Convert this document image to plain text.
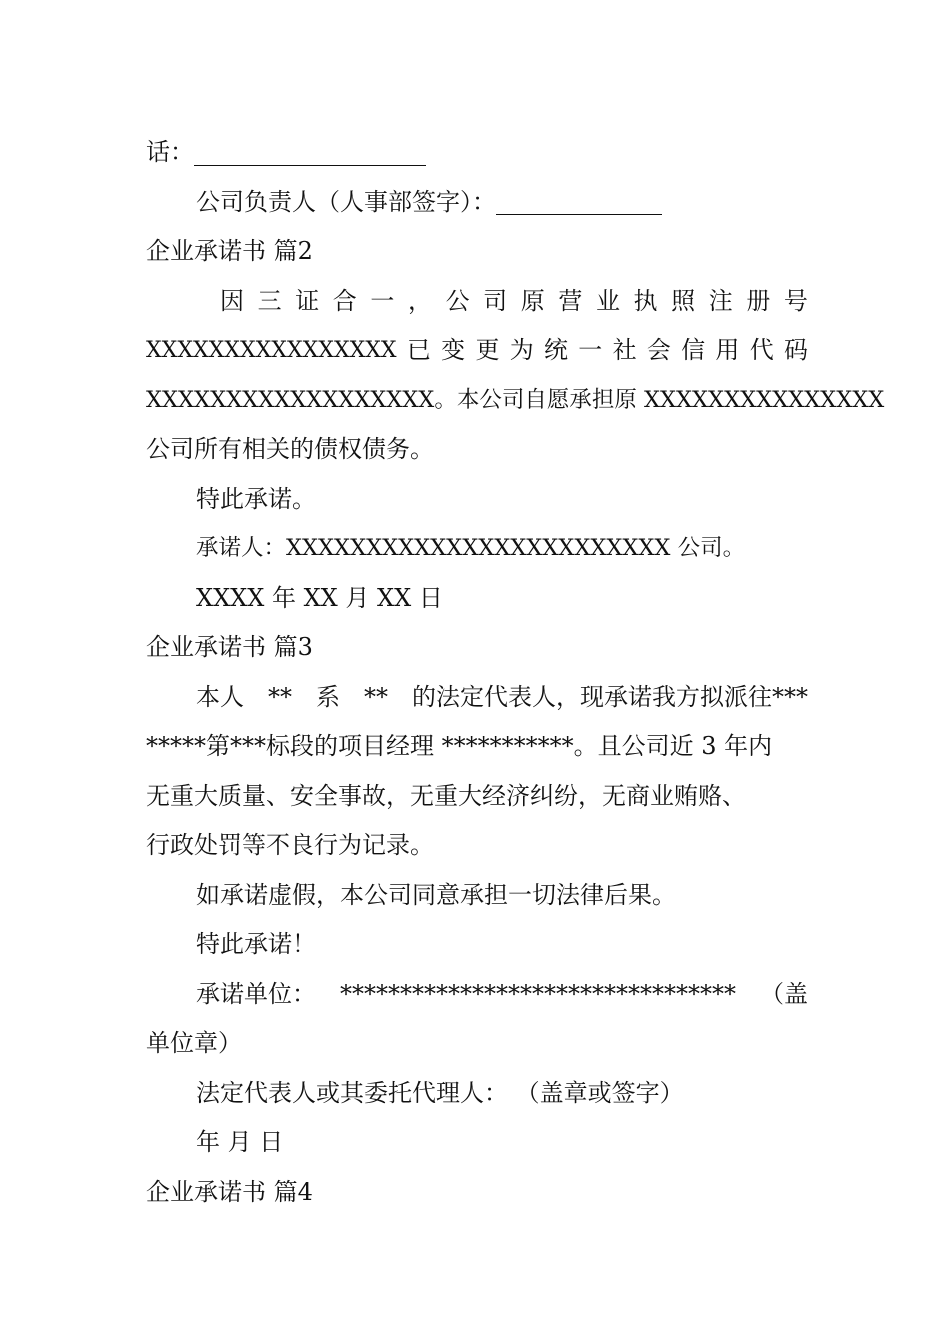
话：
公司负责人（人事部签字）：
企业承诺书 篇2
因 三 证 合 一 ， 公 司 原 营 业 执 照 注 册 号
XXXXXXXXXXXXXXXX 已 变 更 为 统 一 社 会 信 用 代 码
XXXXXXXXXXXXXXXXXX。本公司自愿承担原 XXXXXXXXXXXXXXX
公司所有相关的债权债务。
特此承诺。
承诺人：XXXXXXXXXXXXXXXXXXXXXXXX 公司。
XXXX 年 XX 月 XX 日
企业承诺书 篇3
本人 ** 系 ** 的法定代表人，现承诺我方拟派往***
*****第***标段的项目经理 ***********。且公司近 3 年内
无重大质量、安全事故，无重大经济纠纷，无商业贿赂、
行政处罚等不良行为记录。
如承诺虚假，本公司同意承担一切法律后果。
特此承诺！
承诺单位： ********************************* （盖
单位章）
法定代表人或其委托代理人： （盖章或签字）
年 月 日
企业承诺书 篇4
